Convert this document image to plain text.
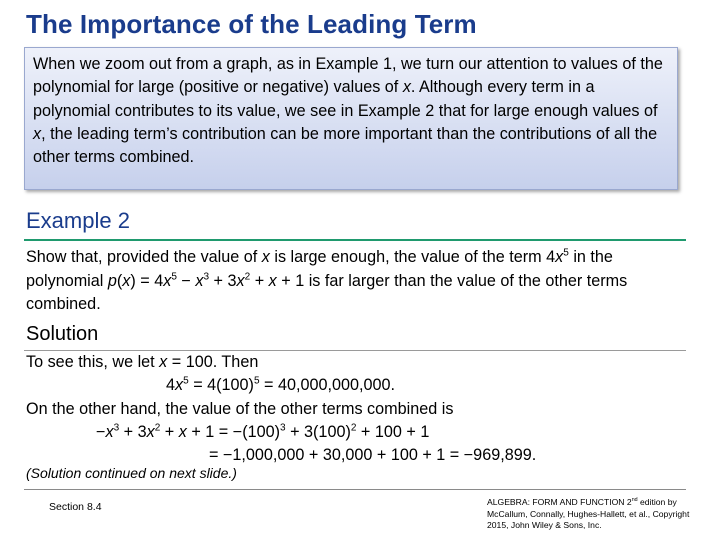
The Importance of the Leading Term
When we zoom out from a graph, as in Example 1, we turn our attention to values of the polynomial for large (positive or negative) values of x. Although every term in a polynomial contributes to its value, we see in Example 2 that for large enough values of x, the leading term’s contribution can be more important than the contributions of all the other terms combined.
Example 2
Show that, provided the value of x is large enough, the value of the term $4x^5$ in the polynomial $p(x) = 4x^5 - x^3 + 3x^2 + x + 1$ is far larger than the value of the other terms combined.
Solution
To see this, we let x = 100. Then
$4x^5 = 4(100)^5 = 40,000,000,000$.
On the other hand, the value of the other terms combined is
$-x^3 + 3x^2 + x + 1 = -(100)^3 + 3(100)^2 + 100 + 1$
= −1,000,000 + 30,000 + 100 + 1 = −969,899.
(Solution continued on next slide.)
Section 8.4	ALGEBRA: FORM AND FUNCTION 2nd edition by McCallum, Connally, Hughes-Hallett, et al., Copyright 2015, John Wiley & Sons, Inc.
